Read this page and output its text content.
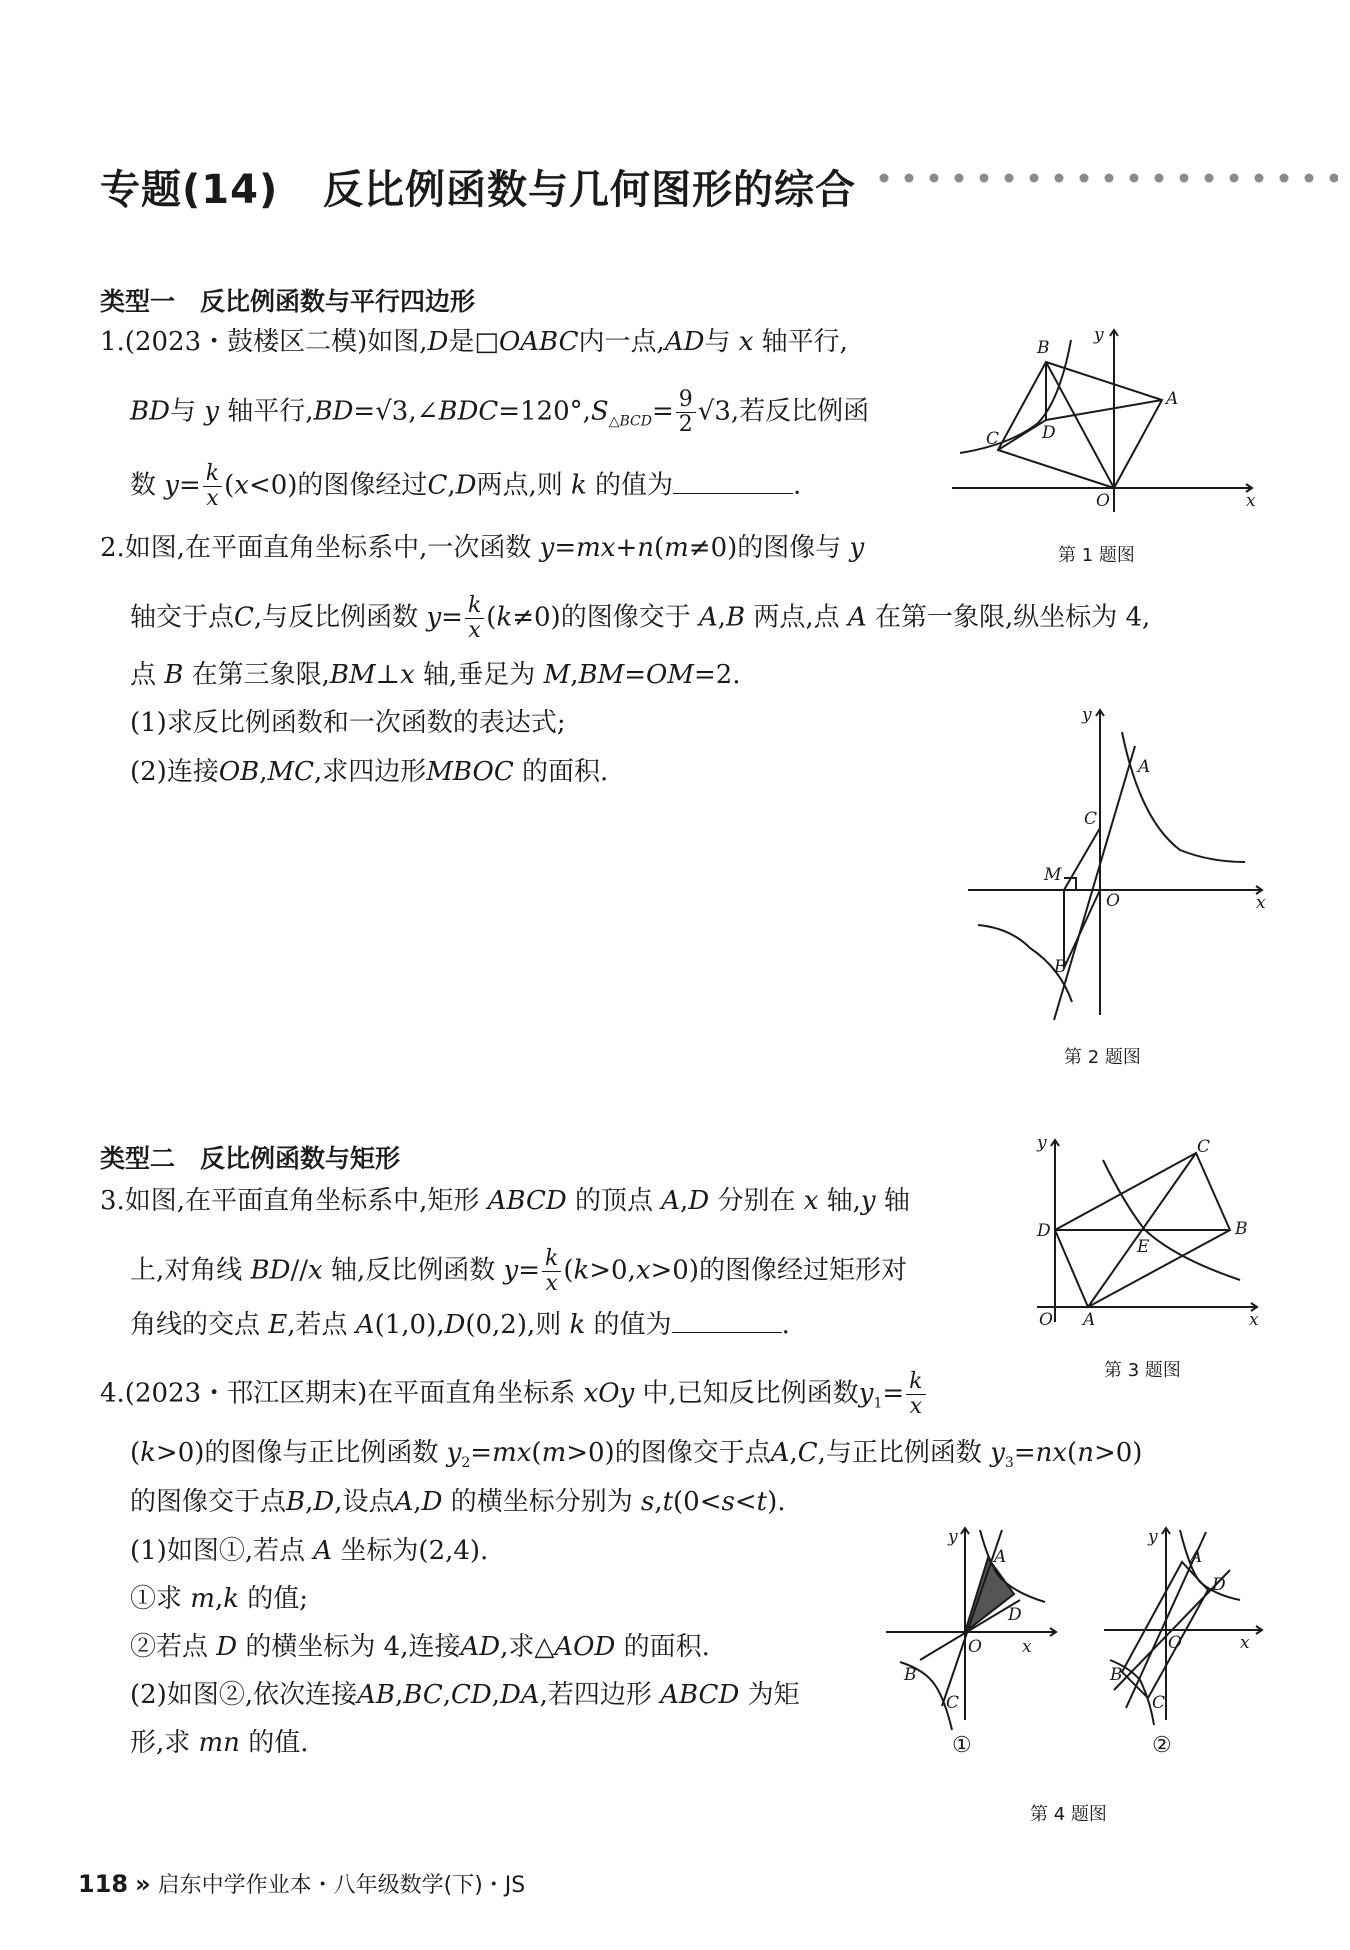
专题(14) 反比例函数与几何图形的综合
类型一　反比例函数与平行四边形
1.(2023・鼓楼区二模)如图,D是□OABC内一点,AD与 x 轴平行,
BD与 y 轴平行$,BD=√3,\angle BDC=120^\circ,S_{\triangle BCD}= \frac{9}{2} √3$,若反比例函
数 $y= \frac{k}{x} (x<0)$的图像经过C,D两点,则 k 的值为	.
B
A
C	D
O	x
y
第 1 题图
2.如图,在平面直角坐标系中,一次函数 y=mx+n(m≠0)的图像与 y
轴交于点C,与反比例函数 $y= \frac{k}{x} (k\ne 0)$的图像交于 A,B 两点,点 A 在第一象限,纵坐标为 4,
点 B 在第三象限,BM⊥x 轴,垂足为 M,BM=OM=2.
(1)求反比例函数和一次函数的表达式;
(2)连接OB,MC,求四边形MBOC 的面积.	A
C
M
O
B
x
y
第 2 题图
类型二　反比例函数与矩形
3.如图,在平面直角坐标系中,矩形 ABCD 的顶点 A,D 分别在 x 轴,y 轴
上,对角线 BD//x 轴,反比例函数 $y= \frac{k}{x} (k>0,x>0)$的图像经过矩形对
角线的交点 E,若点 A(1,0),D(0,2),则 k 的值为	.
C
D	B
E
O A	x
y
第 3 题图
4.(2023・邗江区期末)在平面直角坐标系 xOy 中,已知反比例函数$y_1= \frac{k}{x}$
(k>0)的图像与正比例函数 $y_2=mx(m>0)$的图像交于点A,C,与正比例函数 $y_3=nx(n>0)$
的图像交于点B,D,设点A,D 的横坐标分别为 s,t(0<s<t).
(1)如图①,若点 A 坐标为(2,4).
①求 m,k 的值;
②若点 D 的横坐标为 4,连接AD,求△AOD 的面积.
(2)如图②,依次连接AB,BC,CD,DA,若四边形 ABCD 为矩
形,求 mn 的值.
A
D
O x
y
B
C
①
A
D
O	x
y
B
C
②
第 4 题图
118 » 启东中学作业本・八年级数学(下)・JS
